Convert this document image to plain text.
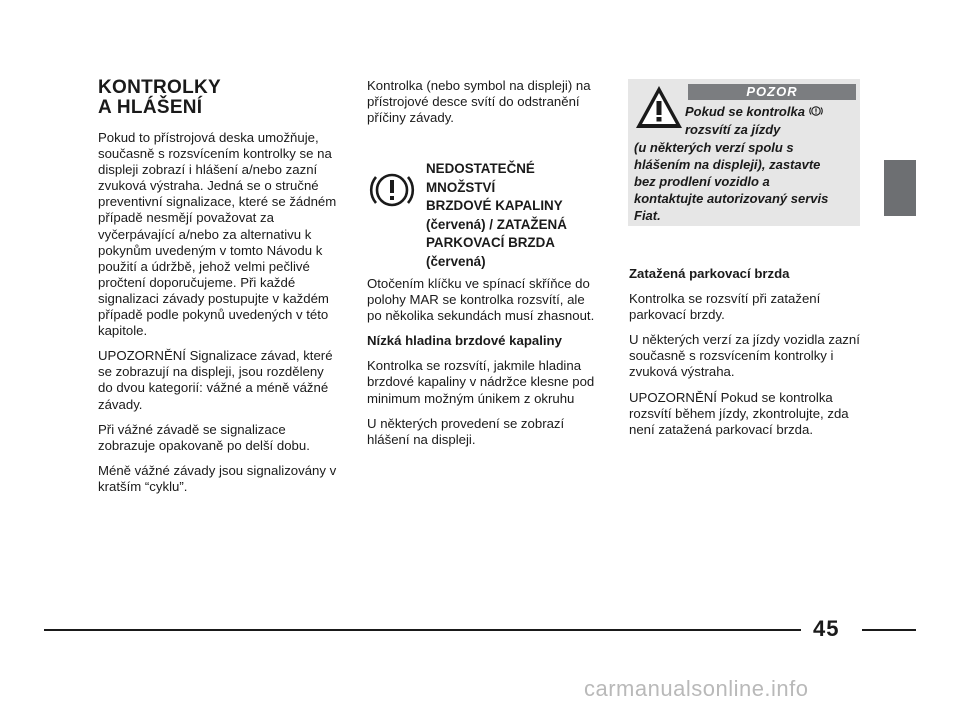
KONTROLKY
A HLÁŠENÍ

Pokud to přístrojová deska umožňuje, současně s rozsvícením kontrolky se na displeji zobrazí i hlášení a/nebo zazní zvuková výstraha. Jedná se o stručné preventivní signalizace, které se žádném případě nesmějí považovat za vyčerpávající a/nebo za alternativu k pokynům uvedeným v tomto Návodu k použití a údržbě, jehož velmi pečlivé pročtení doporučujeme. Při každé signalizaci závady postupujte v každém případě podle pokynů uvedených v této kapitole.

UPOZORNĚNÍ Signalizace závad, které se zobrazují na displeji, jsou rozděleny do dvou kategorií: vážné a méně vážné závady.

Při vážné závadě se signalizace zobrazuje opakovaně po delší dobu.

Méně vážné závady jsou signalizovány v kratším “cyklu”.

Kontrolka (nebo symbol na displeji) na přístrojové desce svítí do odstranění příčiny závady.

NEDOSTATEČNÉ
MNOŽSTVÍ
BRZDOVÉ KAPALINY
(červená) / ZATAŽENÁ
PARKOVACÍ BRZDA
(červená)

Otočením klíčku ve spínací skříňce do polohy MAR se kontrolka rozsvítí, ale po několika sekundách musí zhasnout.

Nízká hladina brzdové kapaliny

Kontrolka se rozsvítí, jakmile hladina brzdové kapaliny v nádržce klesne pod minimum možným únikem z okruhu

U některých provedení se zobrazí hlášení na displeji.

POZOR
Pokud se kontrolka
rozsvítí za jízdy
(u některých verzí spolu s
hlášením na displeji), zastavte
bez prodlení vozidlo a
kontaktujte autorizovaný servis
Fiat.

Zatažená parkovací brzda

Kontrolka se rozsvítí při zatažení parkovací brzdy.

U některých verzí za jízdy vozidla zazní současně s rozsvícením kontrolky i zvuková výstraha.

UPOZORNĚNÍ Pokud se kontrolka rozsvítí během jízdy, zkontrolujte, zda není zatažená parkovací brzda.

45
carmanualsonline.info
